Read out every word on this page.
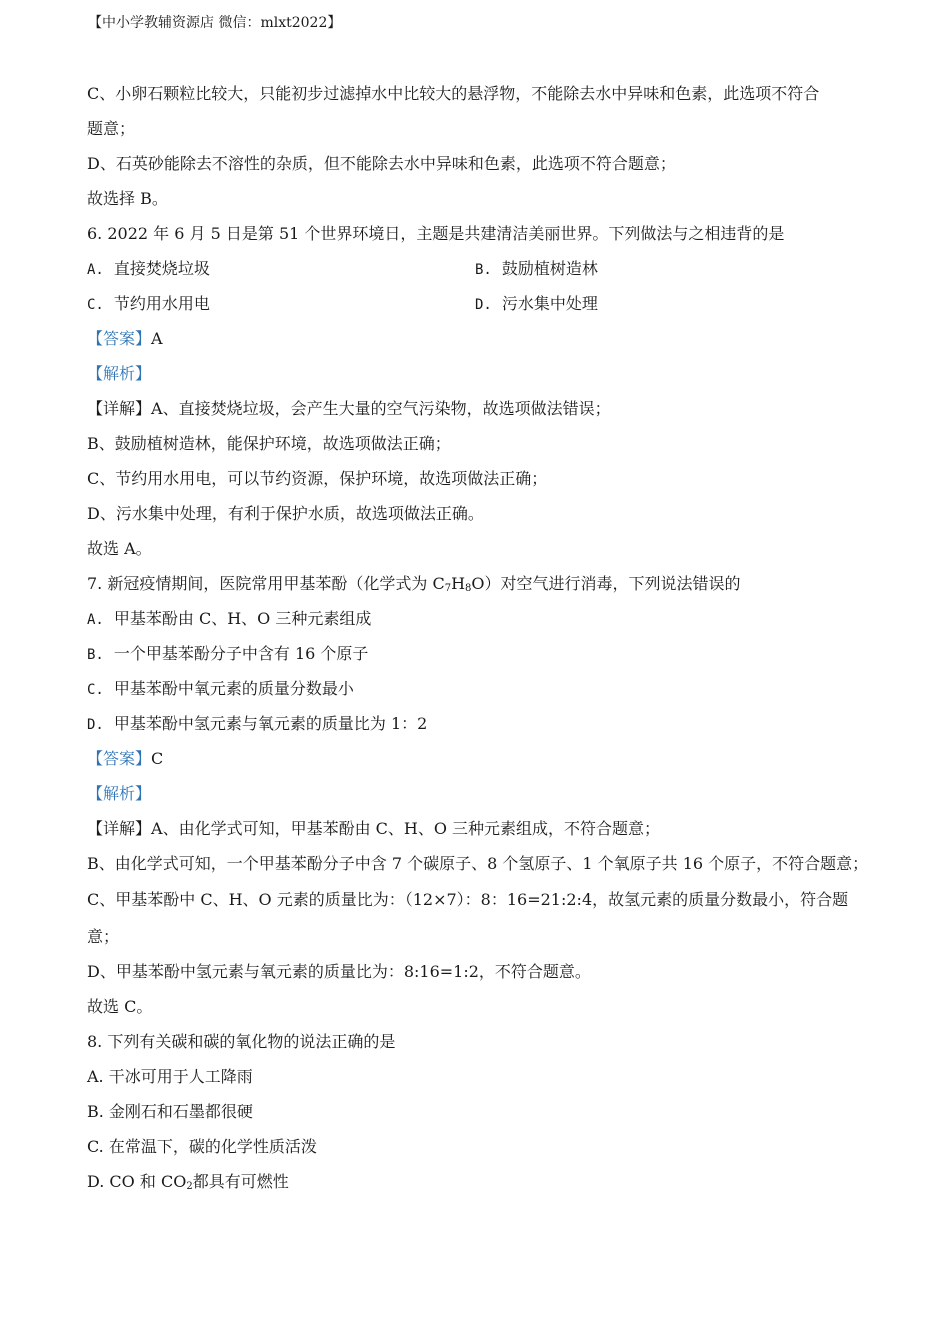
【中小学教辅资源店 微信：mlxt2022】
C、小卵石颗粒比较大，只能初步过滤掉水中比较大的悬浮物，不能除去水中异味和色素，此选项不符合
题意；
D、石英砂能除去不溶性的杂质，但不能除去水中异味和色素，此选项不符合题意；
故选择 B。
6. 2022 年 6 月 5 日是第 51 个世界环境日，主题是共建清洁美丽世界。下列做法与之相违背的是
A. 直接焚烧垃圾	B. 鼓励植树造林
C. 节约用水用电	D. 污水集中处理
【答案】A
【解析】
【详解】A、直接焚烧垃圾，会产生大量的空气污染物，故选项做法错误；
B、鼓励植树造林，能保护环境，故选项做法正确；
C、节约用水用电，可以节约资源，保护环境，故选项做法正确；
D、污水集中处理，有利于保护水质，故选项做法正确。
故选 A。
7. 新冠疫情期间，医院常用甲基苯酚（化学式为 $C_7H_8O$）对空气进行消毒，下列说法错误的
A. 甲基苯酚由 C、H、O 三种元素组成
B. 一个甲基苯酚分子中含有 16 个原子
C. 甲基苯酚中氧元素的质量分数最小
D. 甲基苯酚中氢元素与氧元素的质量比为 1：2
【答案】C
【解析】
【详解】A、由化学式可知，甲基苯酚由 C、H、O 三种元素组成，不符合题意；
B、由化学式可知，一个甲基苯酚分子中含 7 个碳原子、8 个氢原子、1 个氧原子共 16 个原子，不符合题意；
C、甲基苯酚中 C、H、O 元素的质量比为：（12×7）：8：16=21:2:4，故氢元素的质量分数最小，符合题
意；
D、甲基苯酚中氢元素与氧元素的质量比为：8:16=1:2，不符合题意。
故选 C。
8. 下列有关碳和碳的氧化物的说法正确的是
A. 干冰可用于人工降雨
B. 金刚石和石墨都很硬
C. 在常温下，碳的化学性质活泼
D. CO 和 $CO_2$都具有可燃性
